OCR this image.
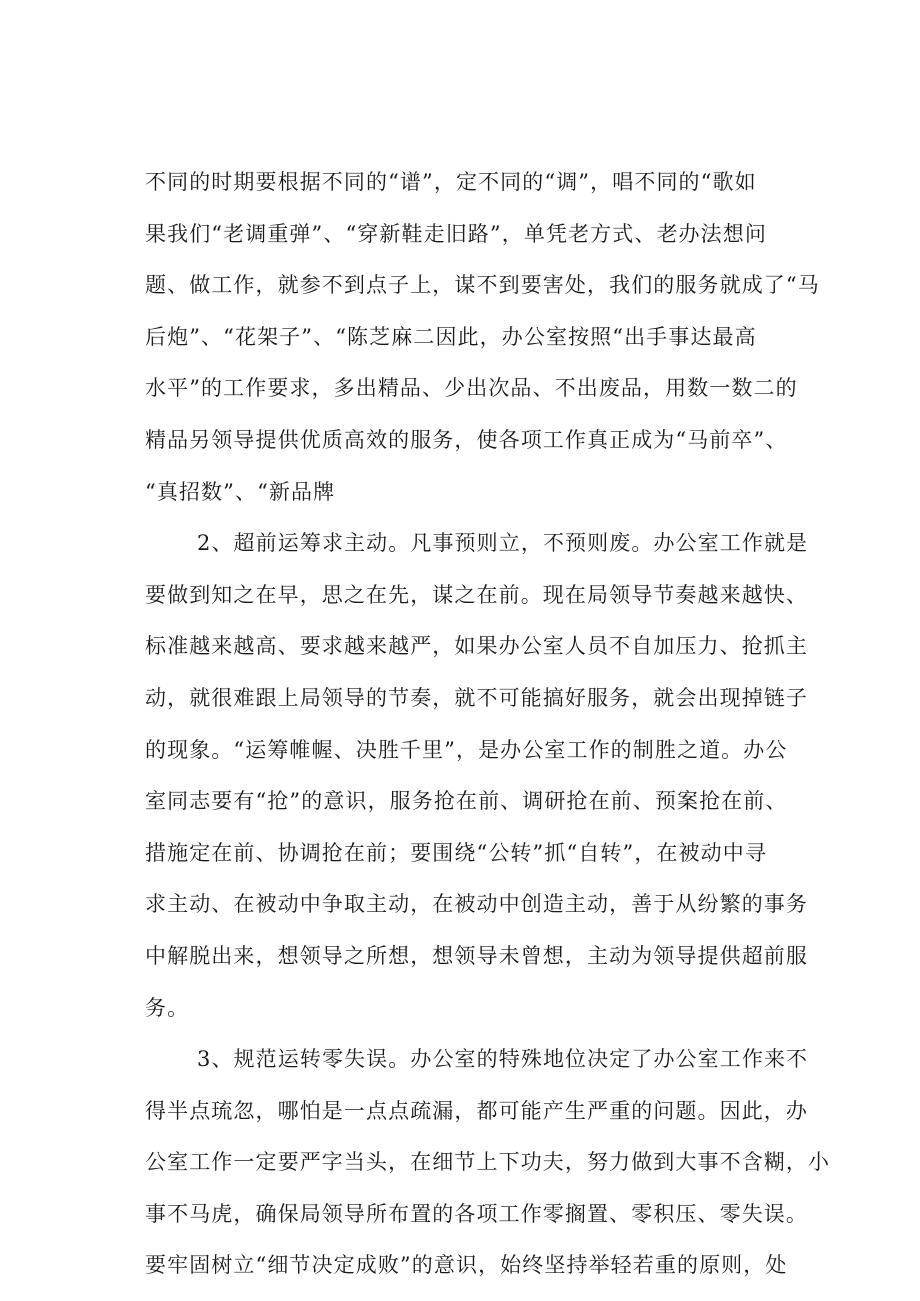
不同的时期要根据不同的“谱”，定不同的“调”，唱不同的“歌如
果我们“老调重弹”、“穿新鞋走旧路”，单凭老方式、老办法想问
题、做工作，就参不到点子上，谋不到要害处，我们的服务就成了“马
后炮”、“花架子”、“陈芝麻二因此，办公室按照“出手事达最高
水平”的工作要求，多出精品、少出次品、不出废品，用数一数二的
精品另领导提供优质高效的服务，使各项工作真正成为“马前卒”、
“真招数”、“新品牌
2、超前运筹求主动。凡事预则立，不预则废。办公室工作就是
要做到知之在早，思之在先，谋之在前。现在局领导节奏越来越快、
标准越来越高、要求越来越严，如果办公室人员不自加压力、抢抓主
动，就很难跟上局领导的节奏，就不可能搞好服务，就会出现掉链子
的现象。“运筹帷幄、决胜千里”，是办公室工作的制胜之道。办公
室同志要有“抢”的意识，服务抢在前、调研抢在前、预案抢在前、
措施定在前、协调抢在前；要围绕“公转”抓“自转”，在被动中寻
求主动、在被动中争取主动，在被动中创造主动，善于从纷繁的事务
中解脱出来，想领导之所想，想领导未曾想，主动为领导提供超前服
务。
3、规范运转零失误。办公室的特殊地位决定了办公室工作来不
得半点琉忽，哪怕是一点点疏漏，都可能产生严重的问题。因此，办
公室工作一定要严字当头，在细节上下功夫，努力做到大事不含糊，小
事不马虎，确保局领导所布置的各项工作零搁置、零积压、零失误。
要牢固树立“细节决定成败”的意识，始终坚持举轻若重的原则，处
